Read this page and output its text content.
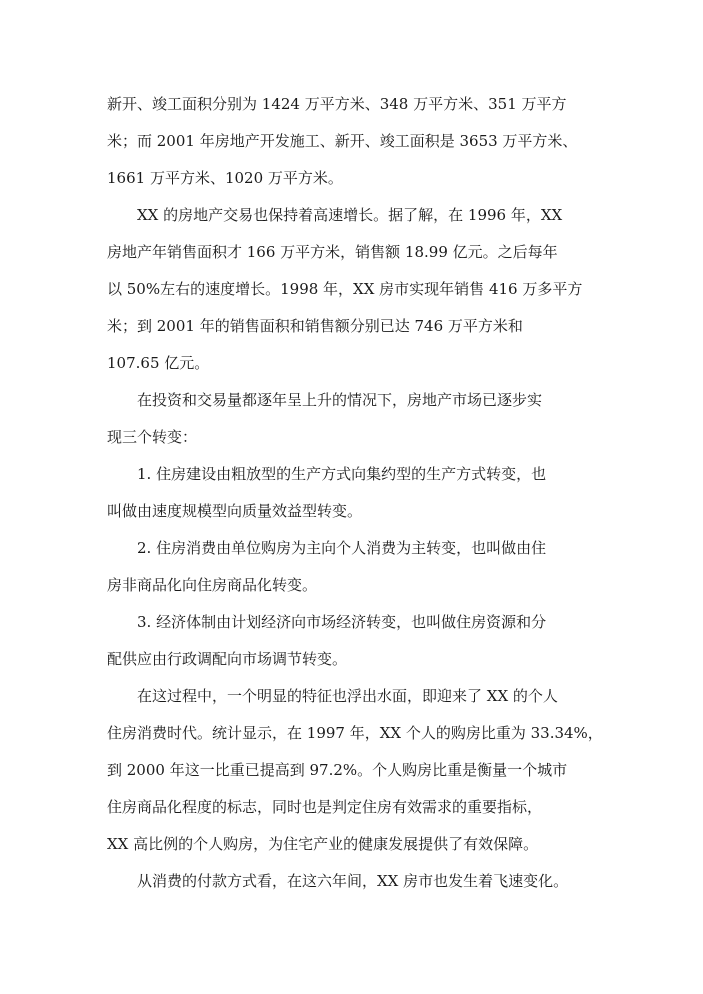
新开、竣工面积分别为 1424 万平方米、348 万平方米、351 万平方
米；而 2001 年房地产开发施工、新开、竣工面积是 3653 万平方米、
1661 万平方米、1020 万平方米。
XX 的房地产交易也保持着高速增长。据了解，在 1996 年，XX
房地产年销售面积才 166 万平方米，销售额 18.99 亿元。之后每年
以 50%左右的速度增长。1998 年，XX 房市实现年销售 416 万多平方
米；到 2001 年的销售面积和销售额分别已达 746 万平方米和
107.65 亿元。
在投资和交易量都逐年呈上升的情况下，房地产市场已逐步实
现三个转变：
1. 住房建设由粗放型的生产方式向集约型的生产方式转变，也
叫做由速度规模型向质量效益型转变。
2. 住房消费由单位购房为主向个人消费为主转变，也叫做由住
房非商品化向住房商品化转变。
3. 经济体制由计划经济向市场经济转变，也叫做住房资源和分
配供应由行政调配向市场调节转变。
在这过程中，一个明显的特征也浮出水面，即迎来了 XX 的个人
住房消费时代。统计显示，在 1997 年，XX 个人的购房比重为 33.34%，
到 2000 年这一比重已提高到 97.2%。个人购房比重是衡量一个城市
住房商品化程度的标志，同时也是判定住房有效需求的重要指标，
XX 高比例的个人购房，为住宅产业的健康发展提供了有效保障。
从消费的付款方式看，在这六年间，XX 房市也发生着飞速变化。
